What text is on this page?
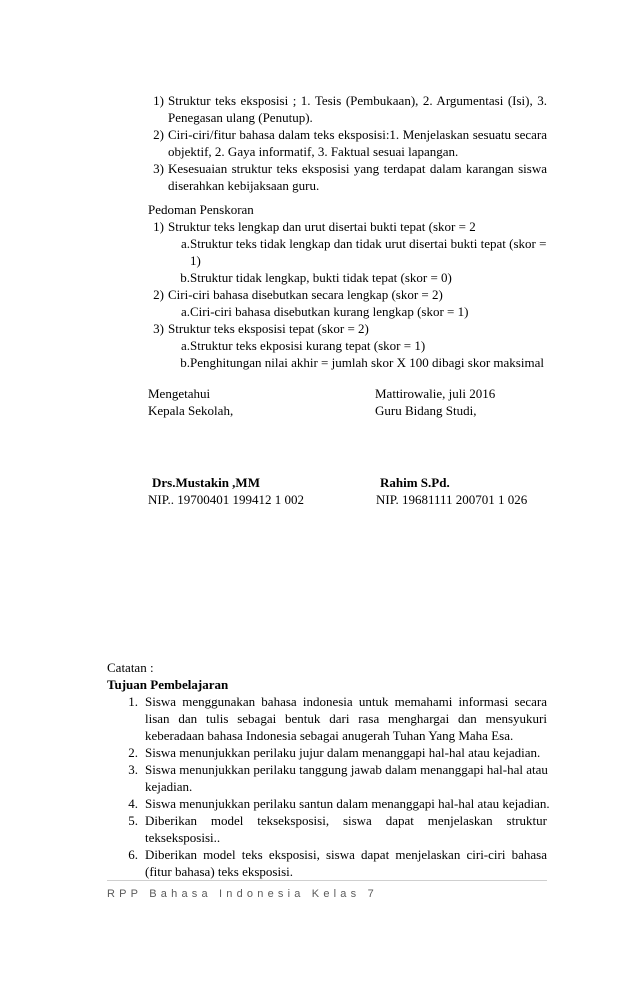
1) Struktur teks eksposisi ; 1. Tesis (Pembukaan), 2. Argumentasi (Isi), 3.
Penegasan ulang (Penutup).
2) Ciri-ciri/fitur bahasa dalam teks eksposisi:1. Menjelaskan sesuatu secara
objektif, 2. Gaya informatif, 3. Faktual sesuai lapangan.
3) Kesesuaian struktur teks eksposisi yang terdapat dalam karangan siswa
diserahkan kebijaksaan guru.
Pedoman Penskoran
1) Struktur teks lengkap dan urut disertai bukti tepat (skor = 2
a. Struktur teks tidak lengkap dan tidak urut disertai bukti tepat (skor =
1)
b. Struktur tidak lengkap, bukti tidak tepat (skor = 0)
2) Ciri-ciri bahasa disebutkan secara lengkap (skor = 2)
a. Ciri-ciri bahasa disebutkan kurang lengkap (skor = 1)
3) Struktur teks eksposisi tepat (skor = 2)
a. Struktur teks ekposisi kurang tepat (skor = 1)
b. Penghitungan nilai akhir = jumlah skor X 100 dibagi skor maksimal
Mengetahui
Kepala Sekolah,
Mattirowalie, juli 2016
Guru Bidang Studi,
Drs.Mustakin ,MM
NIP.. 19700401 199412 1 002
Rahim S.Pd.
NIP. 19681111 200701 1 026
Catatan :
Tujuan Pembelajaran
1. Siswa menggunakan bahasa indonesia untuk memahami informasi secara
lisan dan tulis sebagai bentuk dari rasa menghargai dan mensyukuri
keberadaan bahasa Indonesia sebagai anugerah Tuhan Yang Maha Esa.
2. Siswa menunjukkan perilaku jujur dalam menanggapi hal-hal atau kejadian.
3. Siswa menunjukkan perilaku tanggung jawab dalam menanggapi hal-hal atau
kejadian.
4. Siswa menunjukkan perilaku santun dalam menanggapi hal-hal atau kejadian.
5. Diberikan model tekseksposisi, siswa dapat menjelaskan struktur
tekseksposisi..
6. Diberikan model teks eksposisi, siswa dapat menjelaskan ciri-ciri bahasa
(fitur bahasa) teks eksposisi.
RPP Bahasa Indonesia Kelas 7
